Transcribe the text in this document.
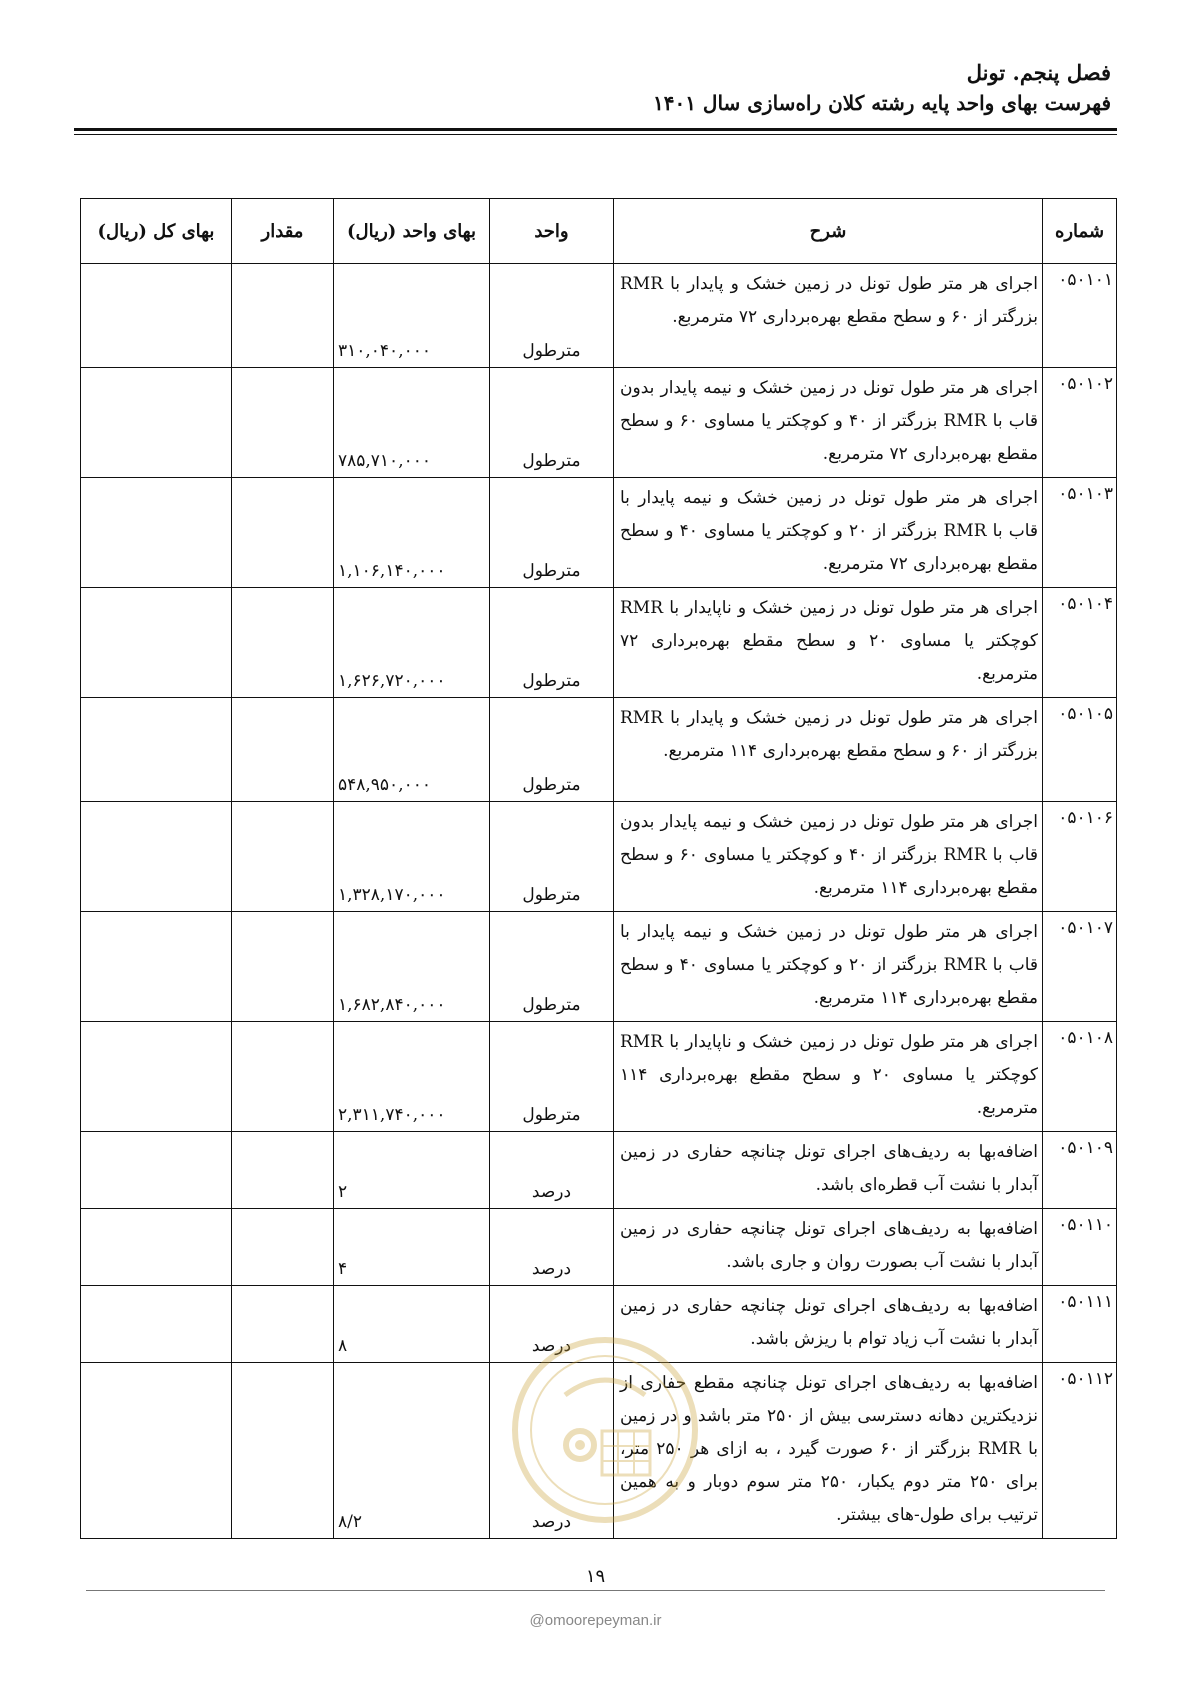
فصل پنجم. تونل
فهرست بهای واحد پایه رشته کلان راه‌سازی سال ۱۴۰۱
شماره	شرح	واحد	بهای واحد (ریال)	مقدار	بهای کل (ریال)
۰۵۰۱۰۱	اجرای هر متر طول تونل در زمین خشک و پایدار با RMR بزرگتر از ۶۰ و سطح مقطع بهره‌برداری ۷۲ مترمربع.	مترطول	۳۱۰,۰۴۰,۰۰۰		
۰۵۰۱۰۲	اجرای هر متر طول تونل در زمین خشک و نیمه پایدار بدون قاب با RMR بزرگتر از ۴۰ و کوچکتر یا مساوی ۶۰ و سطح مقطع بهره‌برداری ۷۲ مترمربع.	مترطول	۷۸۵,۷۱۰,۰۰۰		
۰۵۰۱۰۳	اجرای هر متر طول تونل در زمین خشک و نیمه پایدار با قاب با RMR بزرگتر از ۲۰ و کوچکتر یا مساوی ۴۰ و سطح مقطع بهره‌برداری ۷۲ مترمربع.	مترطول	۱,۱۰۶,۱۴۰,۰۰۰		
۰۵۰۱۰۴	اجرای هر متر طول تونل در زمین خشک و ناپایدار با RMR کوچکتر یا مساوی ۲۰ و سطح مقطع بهره‌برداری ۷۲ مترمربع.	مترطول	۱,۶۲۶,۷۲۰,۰۰۰		
۰۵۰۱۰۵	اجرای هر متر طول تونل در زمین خشک و پایدار با RMR بزرگتر از ۶۰ و سطح مقطع بهره‌برداری ۱۱۴ مترمربع.	مترطول	۵۴۸,۹۵۰,۰۰۰		
۰۵۰۱۰۶	اجرای هر متر طول تونل در زمین خشک و نیمه پایدار بدون قاب با RMR بزرگتر از ۴۰ و کوچکتر یا مساوی ۶۰ و سطح مقطع بهره‌برداری ۱۱۴ مترمربع.	مترطول	۱,۳۲۸,۱۷۰,۰۰۰		
۰۵۰۱۰۷	اجرای هر متر طول تونل در زمین خشک و نیمه پایدار با قاب با RMR بزرگتر از ۲۰ و کوچکتر یا مساوی ۴۰ و سطح مقطع بهره‌برداری ۱۱۴ مترمربع.	مترطول	۱,۶۸۲,۸۴۰,۰۰۰		
۰۵۰۱۰۸	اجرای هر متر طول تونل در زمین خشک و ناپایدار با RMR کوچکتر یا مساوی ۲۰ و سطح مقطع بهره‌برداری ۱۱۴ مترمربع.	مترطول	۲,۳۱۱,۷۴۰,۰۰۰		
۰۵۰۱۰۹	اضافه‌بها به ردیف‌های اجرای تونل چنانچه حفاری در زمین آبدار با نشت آب قطره‌ای باشد.	درصد	۲		
۰۵۰۱۱۰	اضافه‌بها به ردیف‌های اجرای تونل چنانچه حفاری در زمین آبدار با نشت آب بصورت روان و جاری باشد.	درصد	۴		
۰۵۰۱۱۱	اضافه‌بها به ردیف‌های اجرای تونل چنانچه حفاری در زمین آبدار با نشت آب زیاد توام با ریزش باشد.	درصد	۸		
۰۵۰۱۱۲	اضافه‌بها به ردیف‌های اجرای تونل چنانچه مقطع حفاری از نزدیکترین دهانه دسترسی بیش از ۲۵۰ متر باشد و در زمین با RMR بزرگتر از ۶۰ صورت گیرد ، به ازای هر ۲۵۰ متر، برای ۲۵۰ متر دوم یکبار، ۲۵۰ متر سوم دوبار و به همین ترتیب برای طول-های بیشتر.	درصد	۸/۲		
۱۹
@omoorepeyman.ir
